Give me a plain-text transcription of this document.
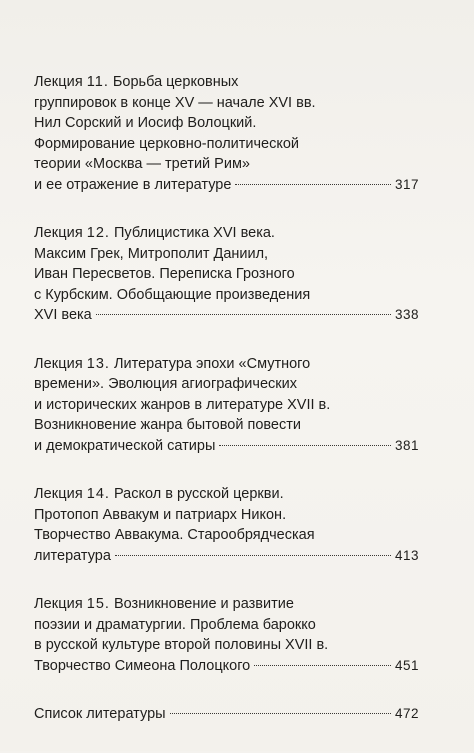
Лекция 11. Борьба церковных
группировок в конце XV — начале XVI вв.
Нил Сорский и Иосиф Волоцкий.
Формирование церковно-политической
теории «Москва — третий Рим»
и ее отражение в литературе	317
Лекция 12. Публицистика XVI века.
Максим Грек, Митрополит Даниил,
Иван Пересветов. Переписка Грозного
с Курбским. Обобщающие произведения
XVI века	338
Лекция 13. Литература эпохи «Смутного
времени». Эволюция агиографических
и исторических жанров в литературе XVII в.
Возникновение жанра бытовой повести
и демократической сатиры	381
Лекция 14. Раскол в русской церкви.
Протопоп Аввакум и патриарх Никон.
Творчество Аввакума. Старообрядческая
литература	413
Лекция 15. Возникновение и развитие
поэзии и драматургии. Проблема барокко
в русской культуре второй половины XVII в.
Творчество Симеона Полоцкого	451
Список литературы	472
